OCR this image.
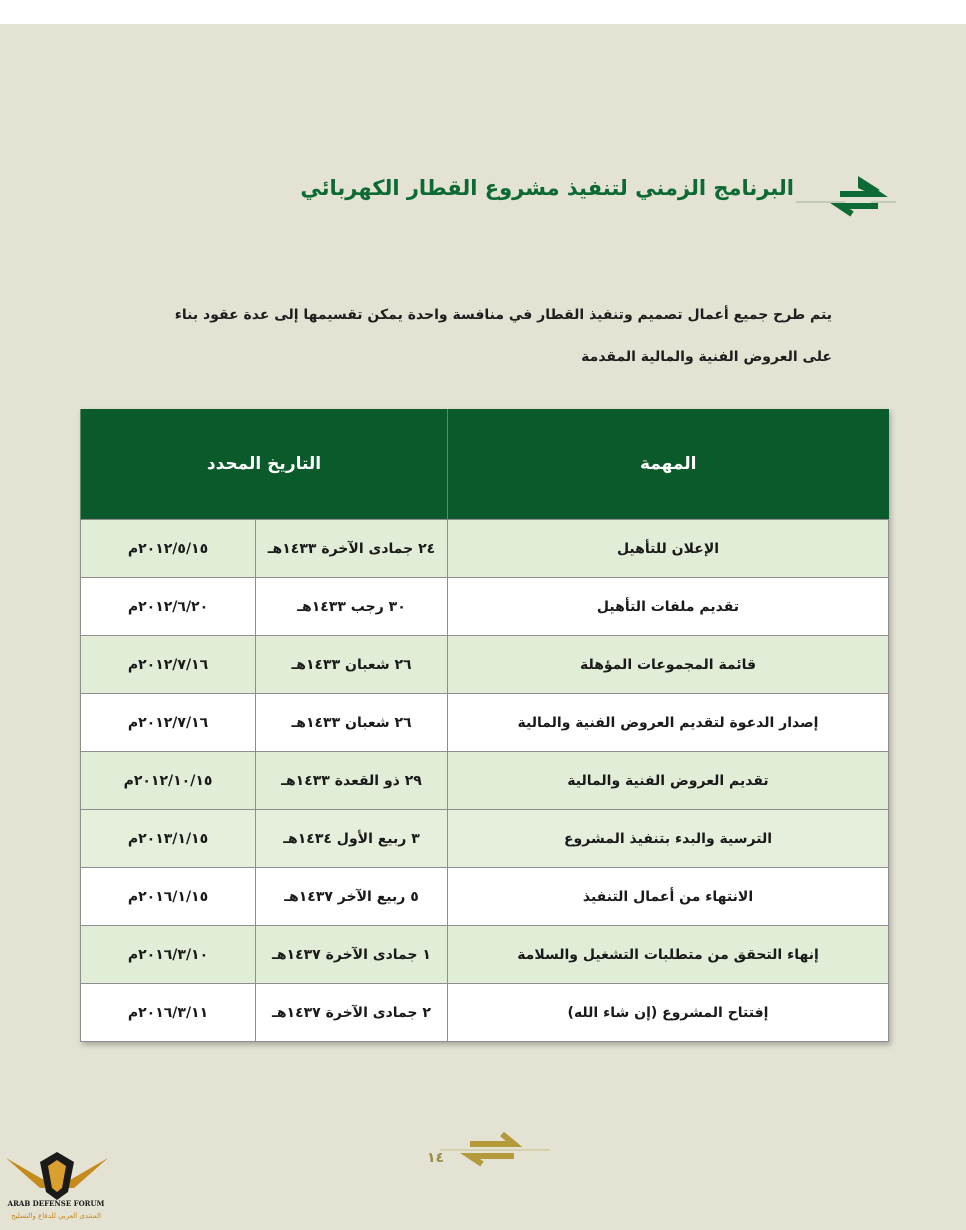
البرنامج الزمني لتنفيذ مشروع القطار الكهربائي
يتم طرح جميع أعمال تصميم وتنفيذ القطار في منافسة واحدة يمكن تقسيمها إلى عدة عقود بناء على العروض الفنية والمالية المقدمة
المهمة	التاريخ المحدد	
الإعلان للتأهيل	٢٤ جمادى الآخرة ١٤٣٣هـ	٢٠١٢/٥/١٥م
تقديم ملفات التأهيل	٣٠ رجب ١٤٣٣هـ	٢٠١٢/٦/٢٠م
قائمة المجموعات المؤهلة	٢٦ شعبان ١٤٣٣هـ	٢٠١٢/٧/١٦م
إصدار الدعوة لتقديم العروض الفنية والمالية	٢٦ شعبان ١٤٣٣هـ	٢٠١٢/٧/١٦م
تقديم العروض الفنية والمالية	٢٩ ذو القعدة ١٤٣٣هـ	٢٠١٢/١٠/١٥م
الترسية والبدء بتنفيذ المشروع	٣ ربيع الأول ١٤٣٤هـ	٢٠١٣/١/١٥م
الانتهاء من أعمال التنفيذ	٥ ربيع الآخر ١٤٣٧هـ	٢٠١٦/١/١٥م
إنهاء التحقق من متطلبات التشغيل والسلامة	١ جمادى الآخرة ١٤٣٧هـ	٢٠١٦/٣/١٠م
إفتتاح المشروع (إن شاء الله)	٢ جمادى الآخرة ١٤٣٧هـ	٢٠١٦/٣/١١م
١٤
ARAB DEFENSE FORUM
المنتدى العربي للدفاع والتسليح
